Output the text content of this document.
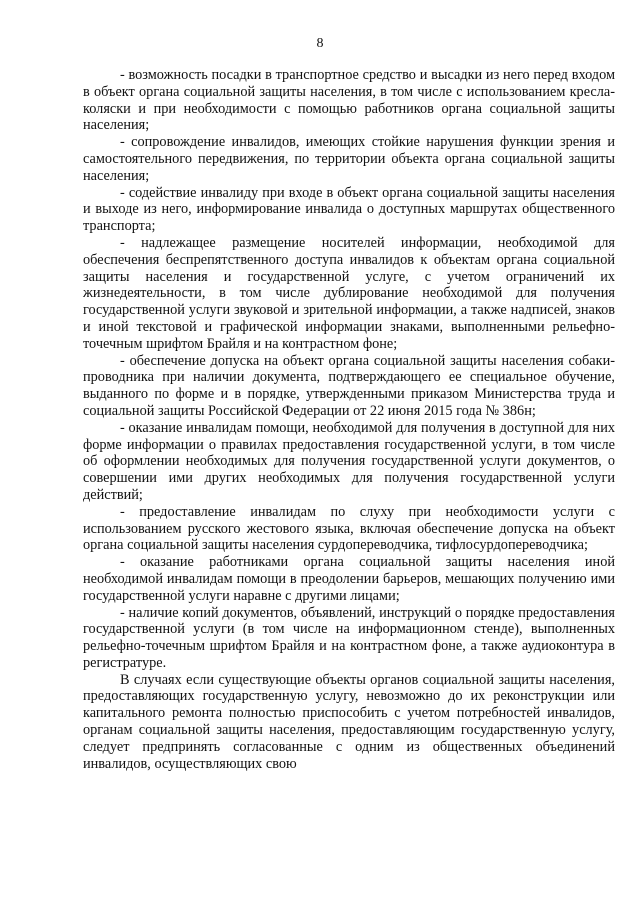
8

- возможность посадки в транспортное средство и высадки из него перед входом в объект органа социальной защиты населения, в том числе с использованием кресла-коляски и при необходимости с помощью работников органа социальной защиты населения;

- сопровождение инвалидов, имеющих стойкие нарушения функции зрения и самостоятельного передвижения, по территории объекта органа социальной защиты населения;

- содействие инвалиду при входе в объект органа социальной защиты населения и выходе из него, информирование инвалида о доступных маршрутах общественного транспорта;

- надлежащее размещение носителей информации, необходимой для обеспечения беспрепятственного доступа инвалидов к объектам органа социальной защиты населения и государственной услуге, с учетом ограничений их жизнедеятельности, в том числе дублирование необходимой для получения государственной услуги звуковой и зрительной информации, а также надписей, знаков и иной текстовой и графической информации знаками, выполненными рельефно-точечным шрифтом Брайля и на контрастном фоне;

- обеспечение допуска на объект органа социальной защиты населения собаки-проводника при наличии документа, подтверждающего ее специальное обучение, выданного по форме и в порядке, утвержденными приказом Министерства труда и социальной защиты Российской Федерации от 22 июня 2015 года № 386н;

- оказание инвалидам помощи, необходимой для получения в доступной для них форме информации о правилах предоставления государственной услуги, в том числе об оформлении необходимых для получения государственной услуги документов, о совершении ими других необходимых для получения государственной услуги действий;

- предоставление инвалидам по слуху при необходимости услуги с использованием русского жестового языка, включая обеспечение допуска на объект органа социальной защиты населения сурдопереводчика, тифлосурдопереводчика;

- оказание работниками органа социальной защиты населения иной необходимой инвалидам помощи в преодолении барьеров, мешающих получению ими государственной услуги наравне с другими лицами;

- наличие копий документов, объявлений, инструкций о порядке предоставления государственной услуги (в том числе на информационном стенде), выполненных рельефно-точечным шрифтом Брайля и на контрастном фоне, а также аудиоконтура в регистратуре.

В случаях если существующие объекты органов социальной защиты населения, предоставляющих государственную услугу, невозможно до их реконструкции или капитального ремонта полностью приспособить с учетом потребностей инвалидов, органам социальной защиты населения, предоставляющим государственную услугу, следует предпринять согласованные с одним из общественных объединений инвалидов, осуществляющих свою
